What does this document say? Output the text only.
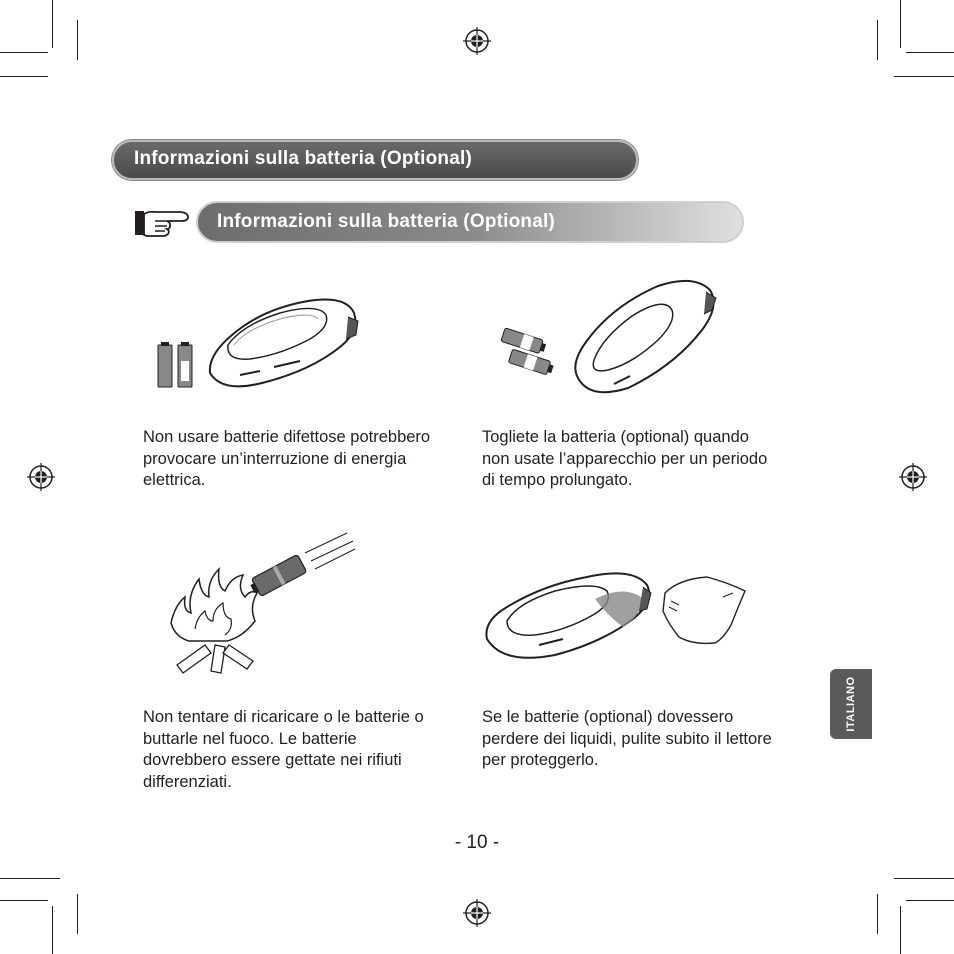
Informazioni sulla batteria (Optional)
Informazioni sulla batteria (Optional)
Non usare batterie difettose potrebbero provocare un’interruzione di energia elettrica.
Togliete la batteria (optional) quando non usate l’apparecchio per un periodo di tempo prolungato.
Non tentare di ricaricare o le batterie o buttarle nel fuoco. Le batterie dovrebbero essere gettate nei rifiuti differenziati.
Se le batterie (optional) dovessero perdere dei liquidi, pulite subito il lettore per proteggerlo.
ITALIANO
- 10 -
